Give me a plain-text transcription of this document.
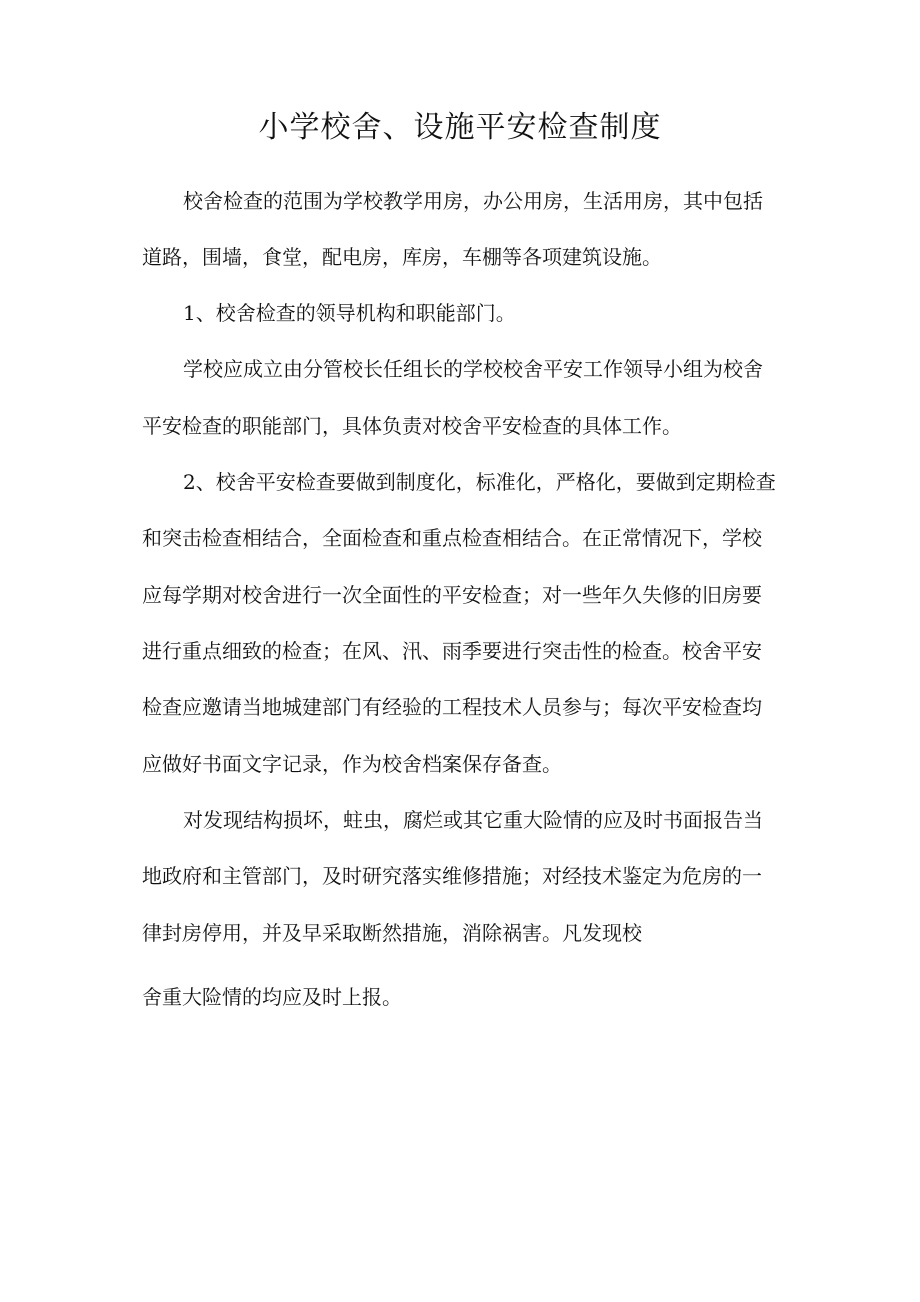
小学校舍、设施平安检查制度

校舍检查的范围为学校教学用房，办公用房，生活用房，其中包括

道路，围墙，食堂，配电房，库房，车棚等各项建筑设施。

1、校舍检查的领导机构和职能部门。

学校应成立由分管校长任组长的学校校舍平安工作领导小组为校舍

平安检查的职能部门，具体负责对校舍平安检查的具体工作。

2、校舍平安检查要做到制度化，标准化，严格化，要做到定期检查

和突击检查相结合，全面检查和重点检查相结合。在正常情况下，学校

应每学期对校舍进行一次全面性的平安检查；对一些年久失修的旧房要

进行重点细致的检查；在风、汛、雨季要进行突击性的检查。校舍平安

检查应邀请当地城建部门有经验的工程技术人员参与；每次平安检查均

应做好书面文字记录，作为校舍档案保存备查。

对发现结构损坏，蛀虫，腐烂或其它重大险情的应及时书面报告当

地政府和主管部门，及时研究落实维修措施；对经技术鉴定为危房的一

律封房停用，并及早采取断然措施，消除祸害。凡发现校

舍重大险情的均应及时上报。
